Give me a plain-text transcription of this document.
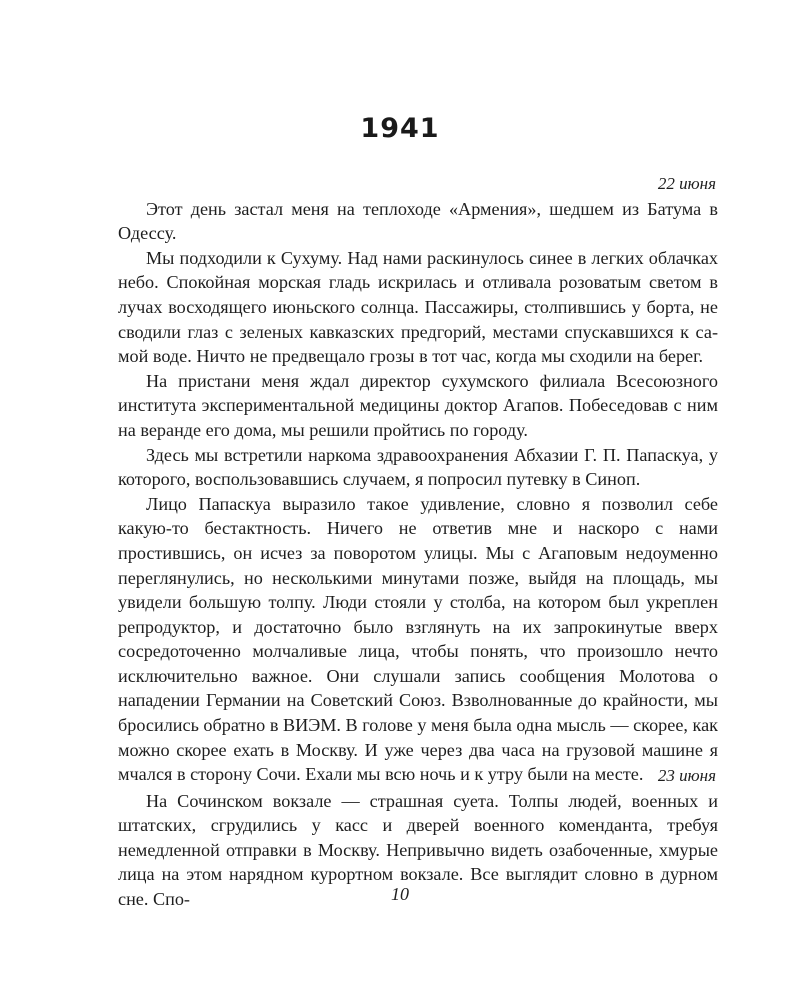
1941

22 июня

Этот день застал меня на теплоходе «Армения», шедшем из Батума в Одессу.

Мы подходили к Сухуму. Над нами раскинулось синее в легких облачках небо. Спокойная морская гладь искрилась и отливала розоватым светом в лучах восходящего июньского солнца. Пассажиры, столпившись у борта, не сводили глаз с зеленых кавказских предгорий, местами спускавшихся к самой воде. Ничто не предвещало грозы в тот час, когда мы сходили на берег.

На пристани меня ждал директор сухумского филиала Всесоюзного института экспериментальной медицины доктор Агапов. Побеседовав с ним на веранде его дома, мы решили пройтись по городу.

Здесь мы встретили наркома здравоохранения Абхазии Г. П. Папаскуа, у которого, воспользовавшись случаем, я попросил путевку в Синоп.

Лицо Папаскуа выразило такое удивление, словно я позволил себе какую-то бестактность. Ничего не ответив мне и наскоро с нами простившись, он исчез за поворотом улицы. Мы с Агаповым недоуменно переглянулись, но несколькими минутами позже, выйдя на площадь, мы увидели большую толпу. Люди стояли у столба, на котором был укреплен репродуктор, и достаточно было взглянуть на их запрокинутые вверх сосредоточенно молчаливые лица, чтобы понять, что произошло нечто исключительно важное. Они слушали запись сообщения Молотова о нападении Германии на Советский Союз. Взволнованные до крайности, мы бросились обратно в ВИЭМ. В голове у меня была одна мысль — скорее, как можно скорее ехать в Москву. И уже через два часа на грузовой машине я мчался в сторону Сочи. Ехали мы всю ночь и к утру были на месте. 23 июня

На Сочинском вокзале — страшная суета. Толпы людей, военных и штатских, сгрудились у касс и дверей военного коменданта, требуя немедленной отправки в Москву. Непривычно видеть озабоченные, хмурые лица на этом нарядном курортном вокзале. Все выглядит словно в дурном сне. Спо-	10
